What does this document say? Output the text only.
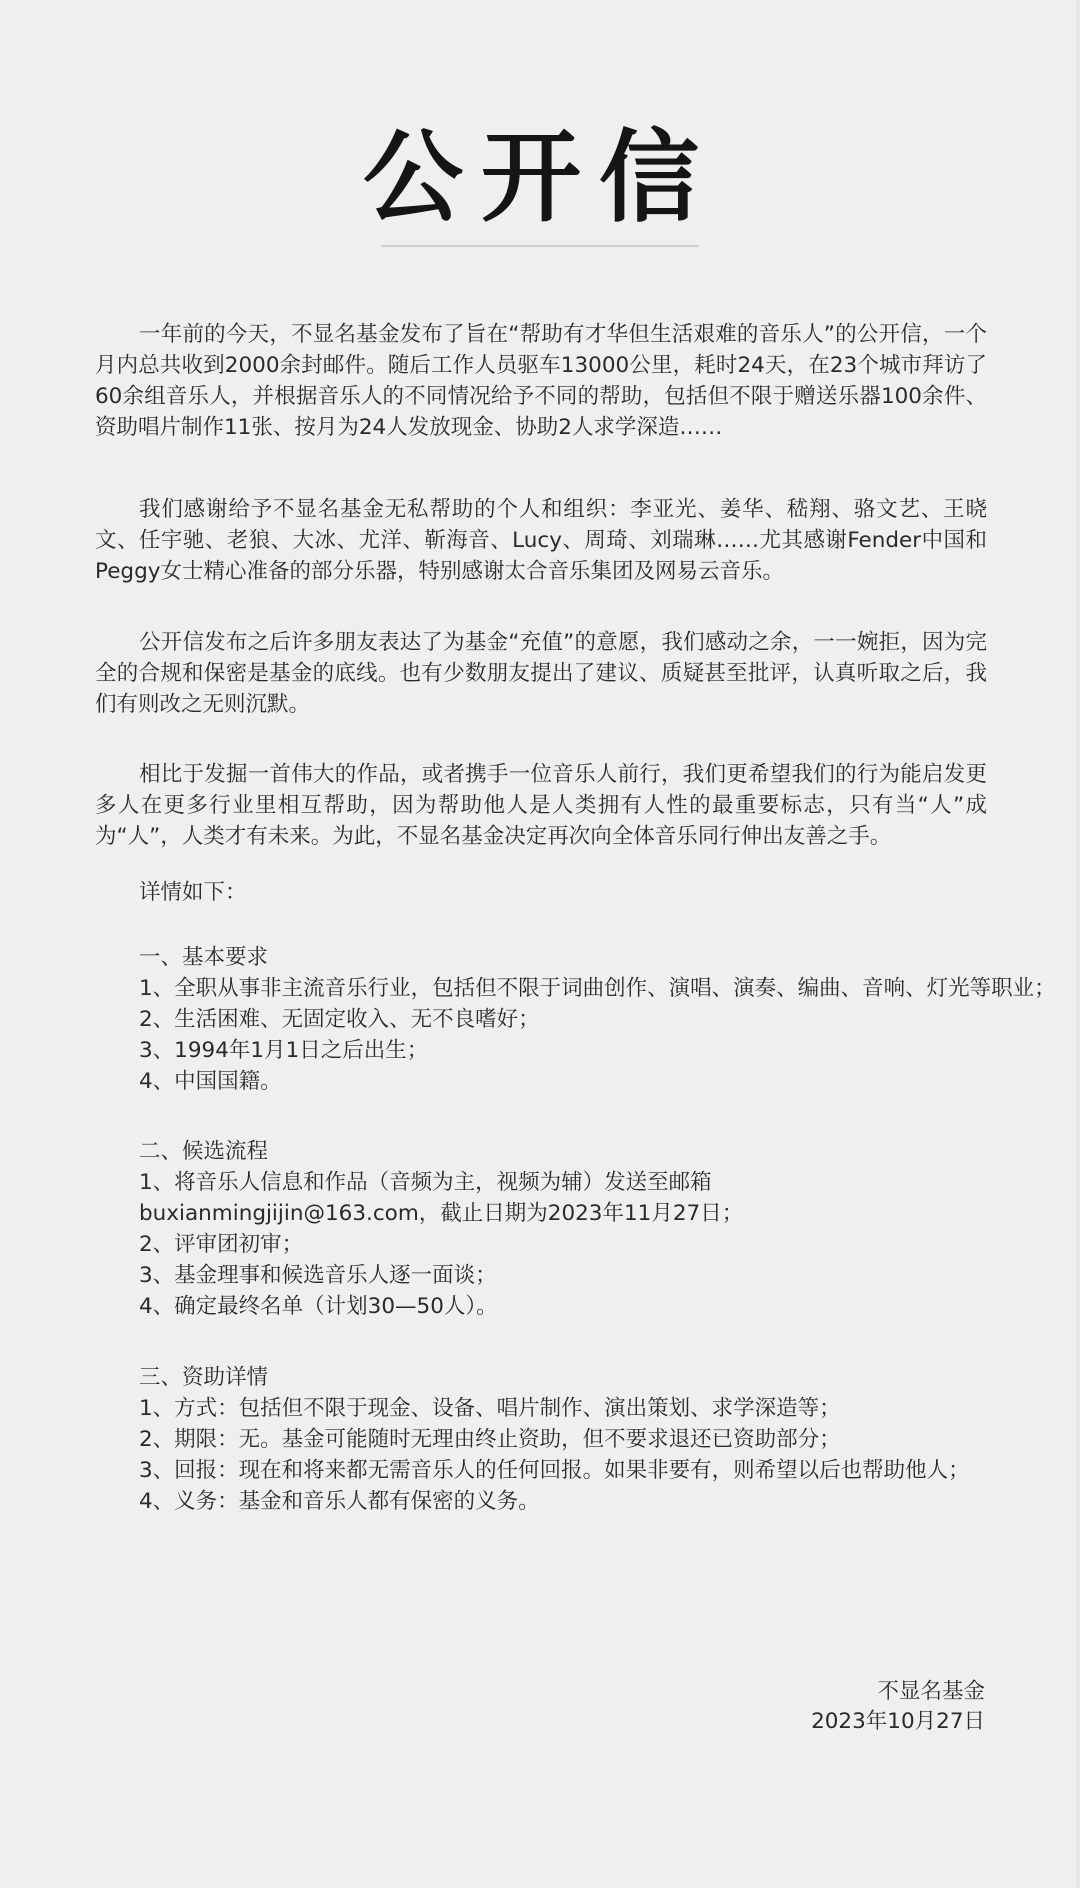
公开信

一年前的今天，不显名基金发布了旨在“帮助有才华但生活艰难的音乐人”的公开信，一个月内总共收到2000余封邮件。随后工作人员驱车13000公里，耗时24天，在23个城市拜访了60余组音乐人，并根据音乐人的不同情况给予不同的帮助，包括但不限于赠送乐器100余件、资助唱片制作11张、按月为24人发放现金、协助2人求学深造……

我们感谢给予不显名基金无私帮助的个人和组织：李亚光、姜华、嵇翔、骆文艺、王晓文、任宇驰、老狼、大冰、尤洋、靳海音、Lucy、周琦、刘瑞琳……尤其感谢Fender中国和Peggy女士精心准备的部分乐器，特别感谢太合音乐集团及网易云音乐。

公开信发布之后许多朋友表达了为基金“充值”的意愿，我们感动之余，一一婉拒，因为完全的合规和保密是基金的底线。也有少数朋友提出了建议、质疑甚至批评，认真听取之后，我们有则改之无则沉默。

相比于发掘一首伟大的作品，或者携手一位音乐人前行，我们更希望我们的行为能启发更多人在更多行业里相互帮助，因为帮助他人是人类拥有人性的最重要标志，只有当“人”成为“人”，人类才有未来。为此，不显名基金决定再次向全体音乐同行伸出友善之手。

详情如下：
一、基本要求
1、全职从事非主流音乐行业，包括但不限于词曲创作、演唱、演奏、编曲、音响、灯光等职业；
2、生活困难、无固定收入、无不良嗜好；
3、1994年1月1日之后出生；
4、中国国籍。
二、候选流程
1、将音乐人信息和作品（音频为主，视频为辅）发送至邮箱buxianmingjijin@163.com，截止日期为2023年11月27日；
2、评审团初审；
3、基金理事和候选音乐人逐一面谈；
4、确定最终名单（计划30—50人）。
三、资助详情
1、方式：包括但不限于现金、设备、唱片制作、演出策划、求学深造等；
2、期限：无。基金可能随时无理由终止资助，但不要求退还已资助部分；
3、回报：现在和将来都无需音乐人的任何回报。如果非要有，则希望以后也帮助他人；
4、义务：基金和音乐人都有保密的义务。
不显名基金
2023年10月27日
